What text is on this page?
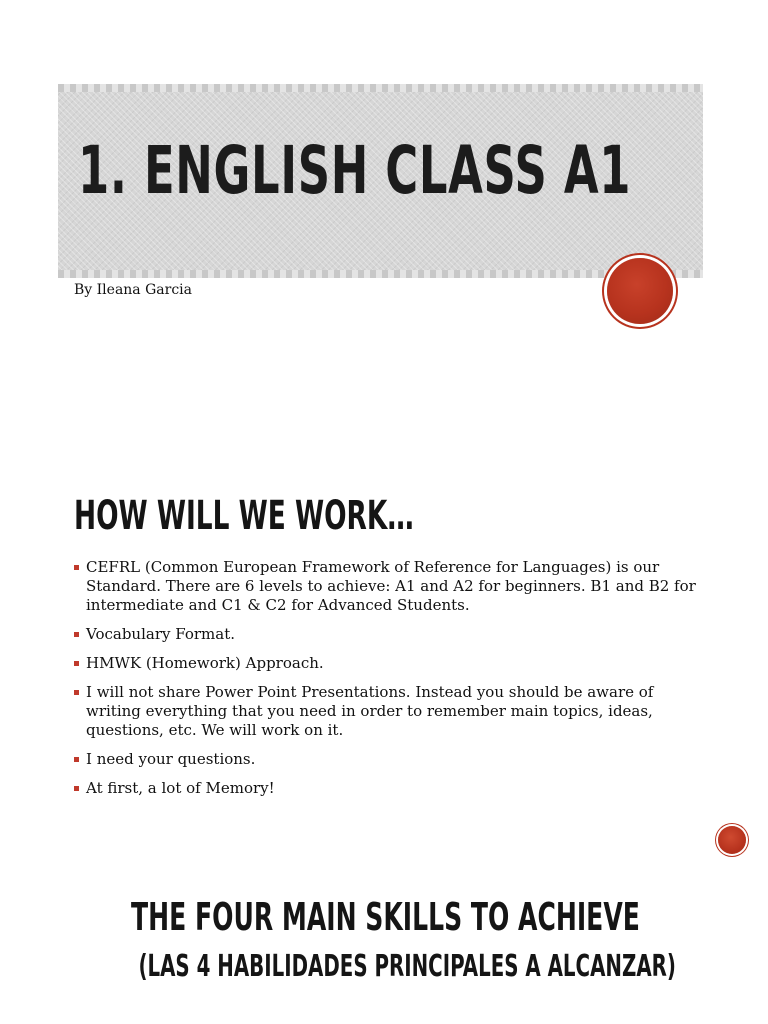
1. ENGLISH CLASS A1

By Ileana Garcia

HOW WILL WE WORK…
CEFRL (Common European Framework of Reference for Languages) is our Standard. There are 6 levels to achieve: A1 and A2 for beginners. B1 and B2 for intermediate and C1 & C2 for Advanced Students.
Vocabulary Format.
HMWK (Homework) Approach.
I will not share Power Point Presentations. Instead you should be aware of writing everything that you need in order to remember main topics, ideas, questions, etc. We will work on it.
I need your questions.
At first, a lot of Memory!
THE FOUR MAIN SKILLS TO ACHIEVE
(LAS 4 HABILIDADES PRINCIPALES A ALCANZAR)
